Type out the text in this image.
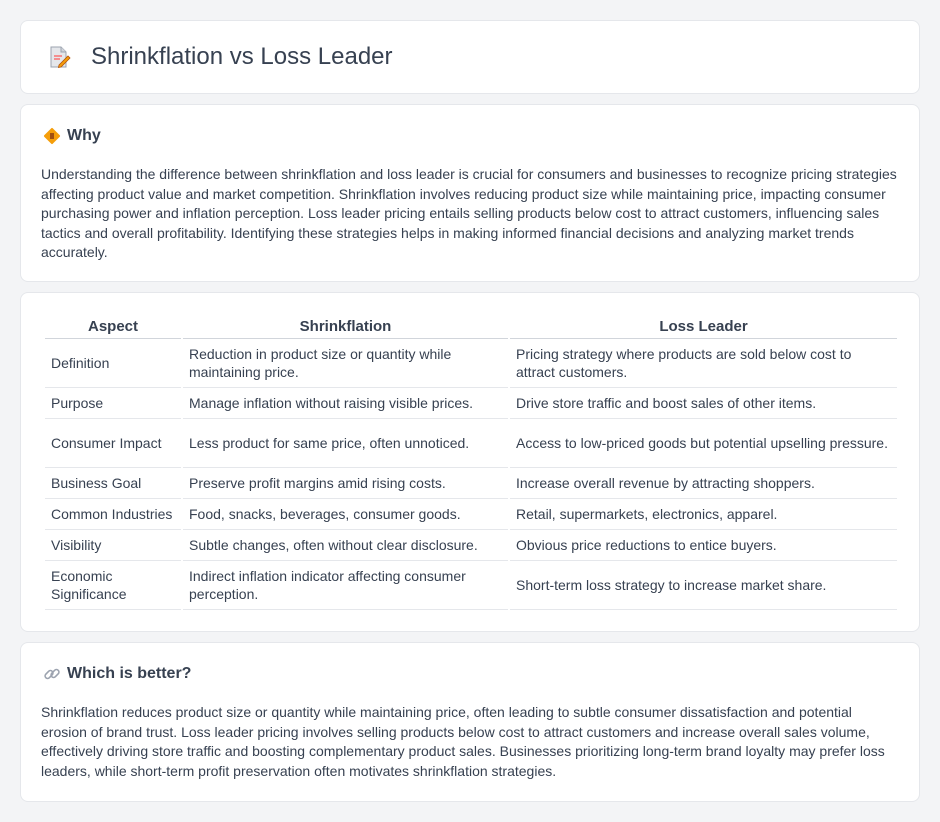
Shrinkflation vs Loss Leader
Why

Understanding the difference between shrinkflation and loss leader is crucial for consumers and businesses to recognize pricing strategies affecting product value and market competition. Shrinkflation involves reducing product size while maintaining price, impacting consumer purchasing power and inflation perception. Loss leader pricing entails selling products below cost to attract customers, influencing sales tactics and overall profitability. Identifying these strategies helps in making informed financial decisions and analyzing market trends accurately.

Aspect	Shrinkflation	Loss Leader
Definition	Reduction in product size or quantity while maintaining price.	Pricing strategy where products are sold below cost to attract customers.
Purpose	Manage inflation without raising visible prices.	Drive store traffic and boost sales of other items.
Consumer Impact	Less product for same price, often unnoticed.	Access to low-priced goods but potential upselling pressure.
Business Goal	Preserve profit margins amid rising costs.	Increase overall revenue by attracting shoppers.
Common Industries	Food, snacks, beverages, consumer goods.	Retail, supermarkets, electronics, apparel.
Visibility	Subtle changes, often without clear disclosure.	Obvious price reductions to entice buyers.
Economic Significance	Indirect inflation indicator affecting consumer perception.	Short-term loss strategy to increase market share.
Which is better?

Shrinkflation reduces product size or quantity while maintaining price, often leading to subtle consumer dissatisfaction and potential erosion of brand trust. Loss leader pricing involves selling products below cost to attract customers and increase overall sales volume, effectively driving store traffic and boosting complementary product sales. Businesses prioritizing long-term brand loyalty may prefer loss leaders, while short-term profit preservation often motivates shrinkflation strategies.
